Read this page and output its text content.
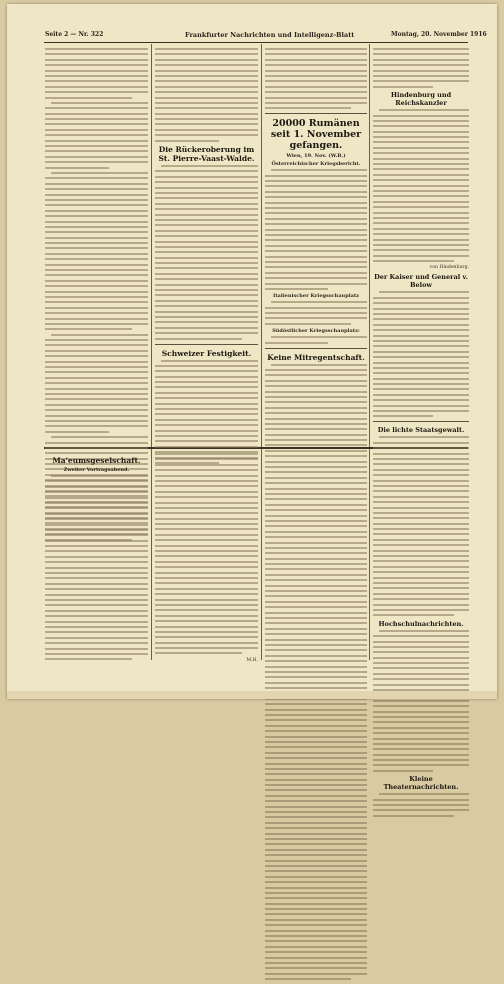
Seite 2 — Nr. 322	Frankfurter Nachrichten und Intelligenz-Blatt	Montag, 20. November 1916
Die Rückeroberung im St. Pierre-Vaast-Walde.
Schweizer Festigkeit.
20000 Rumänen seit 1. November gefangen.
Wien, 19. Nov. (W.B.)
Österreichischer Kriegsbericht.
Italienischer Kriegsschauplatz
Südöstlicher Kriegsschauplatz:
Keine Mitregentschaft.
Hindenburg und Reichskanzler
von Hindenburg.
Der Kaiser und General v. Below
Die lichte Staatsgewalt.
Hochschulnachrichten.
Kleine Theaternachrichten.
Ma'eumsgeselschaft.
Zweiter Vortragsabend.
M.H.
